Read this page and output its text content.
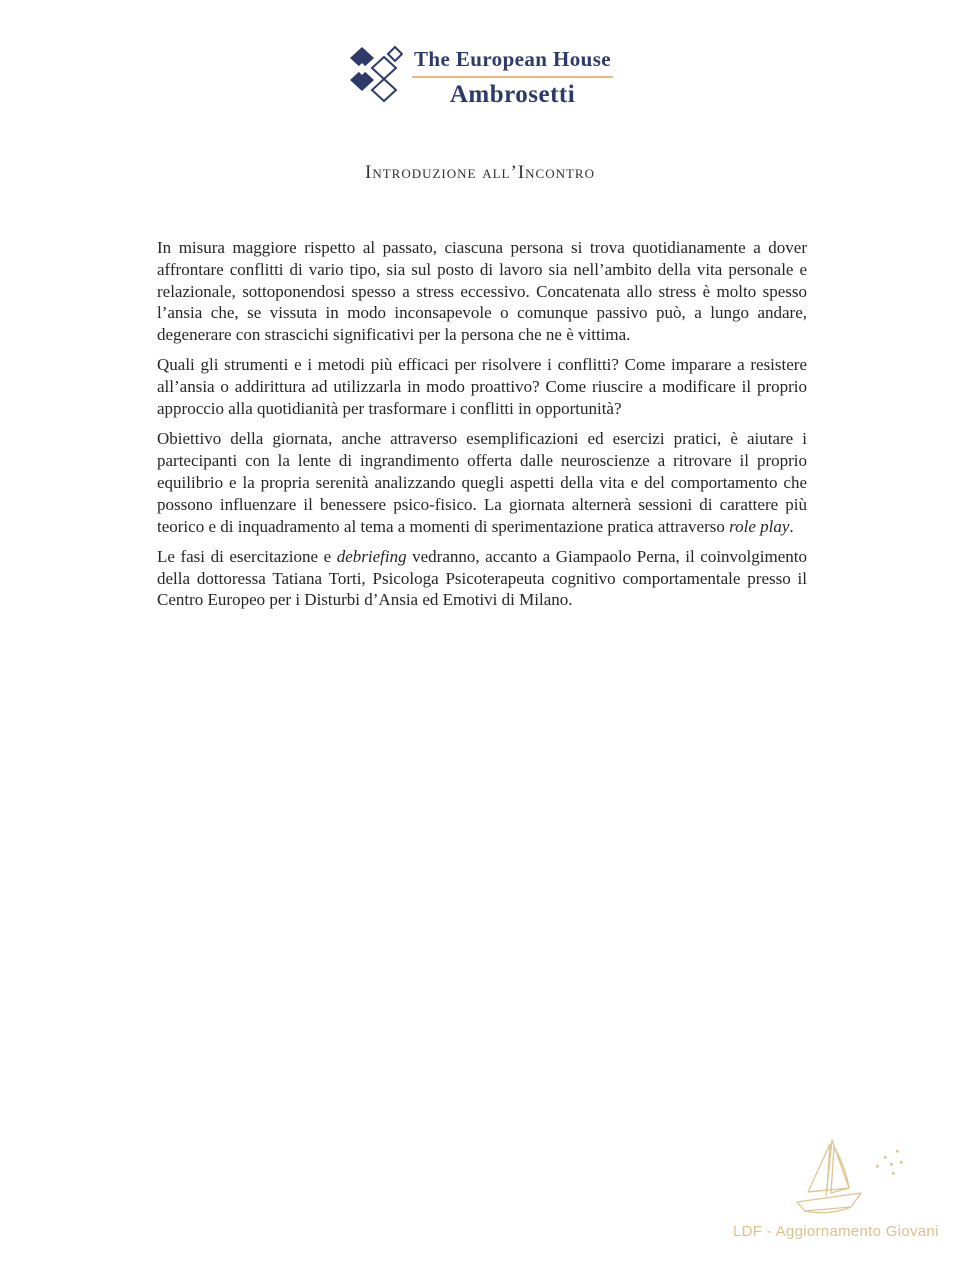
The European House
Ambrosetti
Introduzione all’Incontro

In misura maggiore rispetto al passato, ciascuna persona si trova quotidianamente a dover affrontare conflitti di vario tipo, sia sul posto di lavoro sia nell’ambito della vita personale e relazionale, sottoponendosi spesso a stress eccessivo. Concatenata allo stress è molto spesso l’ansia che, se vissuta in modo inconsapevole o comunque passivo può, a lungo andare, degenerare con strascichi significativi per la persona che ne è vittima.

Quali gli strumenti e i metodi più efficaci per risolvere i conflitti? Come imparare a resistere all’ansia o addirittura ad utilizzarla in modo proattivo? Come riuscire a modificare il proprio approccio alla quotidianità per trasformare i conflitti in opportunità?

Obiettivo della giornata, anche attraverso esemplificazioni ed esercizi pratici, è aiutare i partecipanti con la lente di ingrandimento offerta dalle neuroscienze a ritrovare il proprio equilibrio e la propria serenità analizzando quegli aspetti della vita e del comportamento che possono influenzare il benessere psico-fisico. La giornata alternerà sessioni di carattere più teorico e di inquadramento al tema a momenti di sperimentazione pratica attraverso role play.

Le fasi di esercitazione e debriefing vedranno, accanto a Giampaolo Perna, il coinvolgimento della dottoressa Tatiana Torti, Psicologa Psicoterapeuta cognitivo comportamentale presso il Centro Europeo per i Disturbi d’Ansia ed Emotivi di Milano.

LDF - Aggiornamento Giovani
